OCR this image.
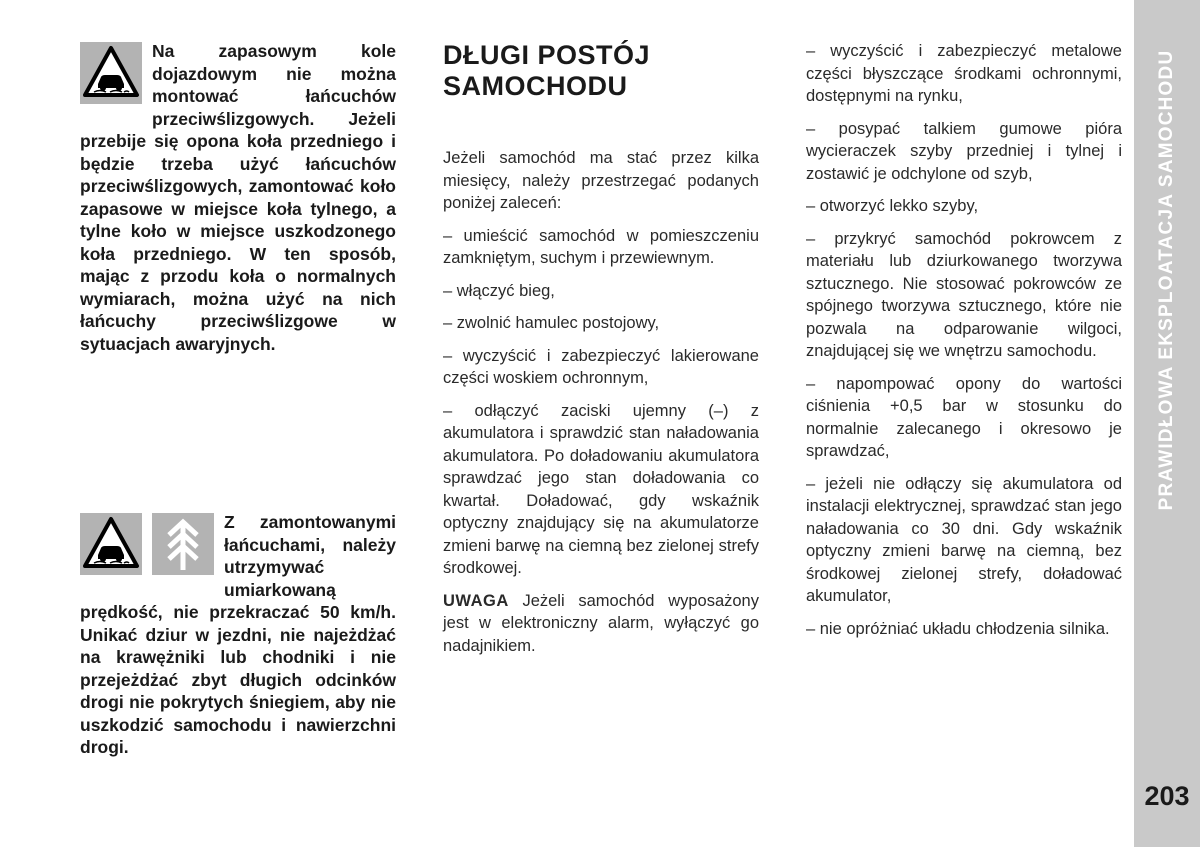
Na zapasowym kole dojazdowym nie można montować łańcuchów przeciwślizgowych. Jeżeli przebije się opona koła przedniego i będzie trzeba użyć łańcuchów przeciwślizgowych, zamontować koło zapasowe w miejsce koła tylnego, a tylne koło w miejsce uszkodzonego koła przedniego. W ten sposób, mając z przodu koła o normalnych wymiarach, można użyć na nich łańcuchy przeciwślizgowe w sytuacjach awaryjnych.

Z zamontowanymi łańcuchami, należy utrzymywać umiarkowaną prędkość, nie przekraczać 50 km/h. Unikać dziur w jezdni, nie najeżdżać na krawężniki lub chodniki i nie przejeżdżać zbyt długich odcinków drogi nie pokrytych śniegiem, aby nie uszkodzić samochodu i nawierzchni drogi.

DŁUGI POSTÓJ
SAMOCHODU

Jeżeli samochód ma stać przez kilka miesięcy, należy przestrzegać podanych poniżej zaleceń:

– umieścić samochód w pomieszczeniu zamkniętym, suchym i przewiewnym.

– włączyć bieg,

– zwolnić hamulec postojowy,

– wyczyścić i zabezpieczyć lakierowane części woskiem ochronnym,

– odłączyć zaciski ujemny (–) z akumulatora i sprawdzić stan naładowania akumulatora. Po doładowaniu akumulatora sprawdzać jego stan doładowania co kwartał. Doładować, gdy wskaźnik optyczny znajdujący się na akumulatorze zmieni barwę na ciemną bez zielonej strefy środkowej.

UWAGA Jeżeli samochód wyposażony jest w elektroniczny alarm, wyłączyć go nadajnikiem.

– wyczyścić i zabezpieczyć metalowe części błyszczące środkami ochronnymi, dostępnymi na rynku,

– posypać talkiem gumowe pióra wycieraczek szyby przedniej i tylnej i zostawić je odchylone od szyb,

– otworzyć lekko szyby,

– przykryć samochód pokrowcem z materiału lub dziurkowanego tworzywa sztucznego. Nie stosować pokrowców ze spójnego tworzywa sztucznego, które nie pozwala na odparowanie wilgoci, znajdującej się we wnętrzu samochodu.

– napompować opony do wartości ciśnienia +0,5 bar w stosunku do normalnie zalecanego i okresowo je sprawdzać,

– jeżeli nie odłączy się akumulatora od instalacji elektrycznej, sprawdzać stan jego naładowania co 30 dni. Gdy wskaźnik optyczny zmieni barwę na ciemną, bez środkowej zielonej strefy, doładować akumulator,

– nie opróżniać układu chłodzenia silnika.

PRAWIDŁOWA EKSPLOATACJA SAMOCHODU
203
